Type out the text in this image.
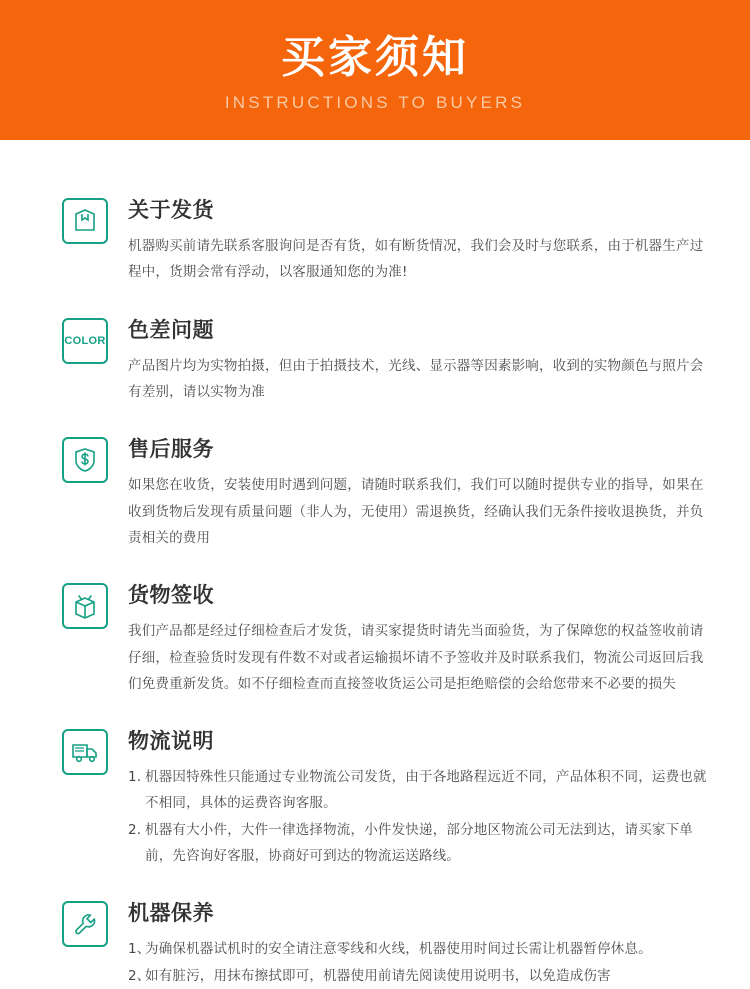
买家须知
INSTRUCTIONS TO BUYERS
关于发货
机器购买前请先联系客服询问是否有货，如有断货情况，我们会及时与您联系，由于机器生产过程中，货期会常有浮动，以客服通知您的为准!
COLOR 色差问题
产品图片均为实物拍摄，但由于拍摄技术，光线、显示器等因素影响，收到的实物颜色与照片会有差别，请以实物为准
售后服务
如果您在收货，安装使用时遇到问题，请随时联系我们，我们可以随时提供专业的指导，如果在收到货物后发现有质量问题（非人为，无使用）需退换货，经确认我们无条件接收退换货，并负责相关的费用
货物签收
我们产品都是经过仔细检查后才发货，请买家提货时请先当面验货，为了保障您的权益签收前请仔细，检查验货时发现有件数不对或者运输损坏请不予签收并及时联系我们，物流公司返回后我们免费重新发货。如不仔细检查而直接签收货运公司是拒绝赔偿的会给您带来不必要的损失
物流说明
1. 机器因特殊性只能通过专业物流公司发货，由于各地路程远近不同，产品体积不同，运费也就不相同，具体的运费咨询客服。
2. 机器有大小件，大件一律选择物流，小件发快递，部分地区物流公司无法到达，请买家下单前，先咨询好客服，协商好可到达的物流运送路线。
机器保养
1、
为确保机器试机时的安全请注意零线和火线，机器使用时间过长需让机器暂停休息。
2、
如有脏污，用抹布擦拭即可，机器使用前请先阅读使用说明书，以免造成伤害
